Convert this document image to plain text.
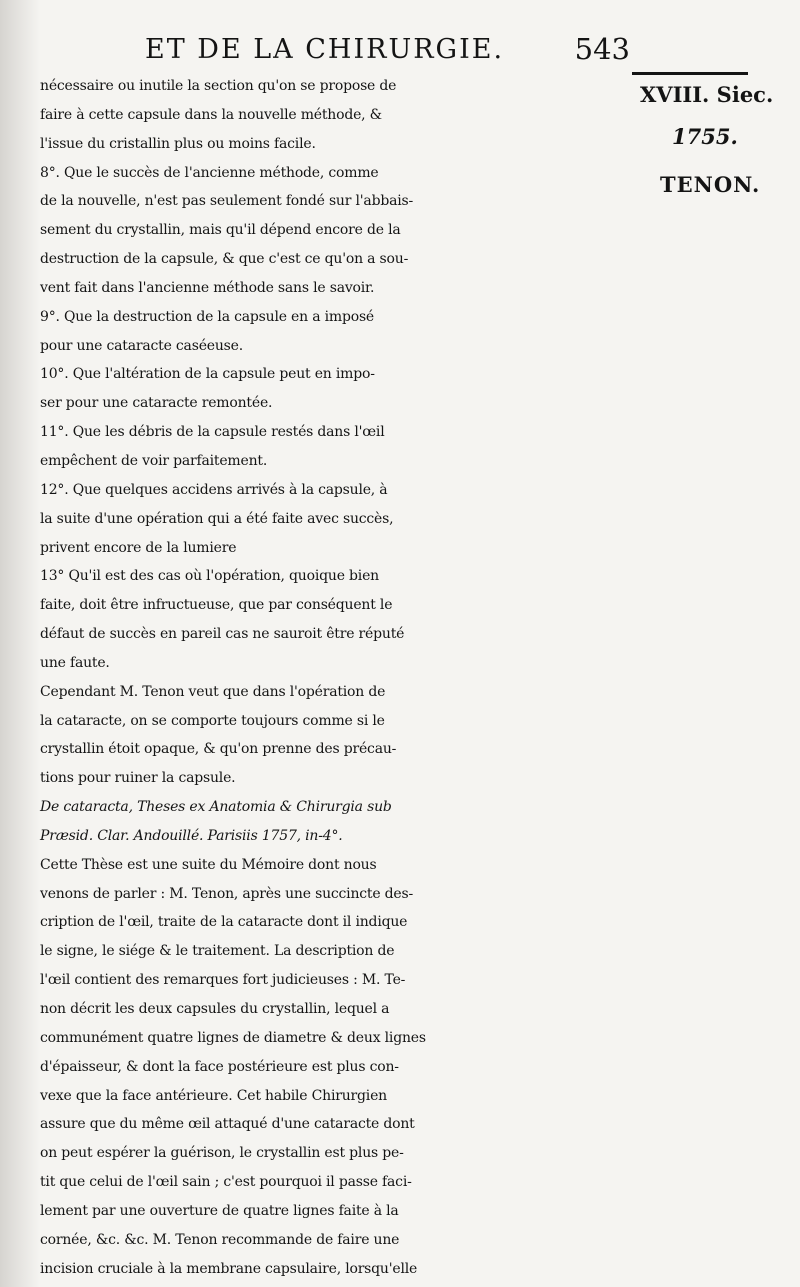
ET DE LA CHIRURGIE. 543
XVIII. Siec.
1755.
TENON.
nécessaire ou inutile la section qu'on se propose de
faire à cette capsule dans la nouvelle méthode, &
l'issue du cristallin plus ou moins facile.
8°. Que le succès de l'ancienne méthode, comme
de la nouvelle, n'est pas seulement fondé sur l'abbais-
sement du crystallin, mais qu'il dépend encore de la
destruction de la capsule, & que c'est ce qu'on a sou-
vent fait dans l'ancienne méthode sans le savoir.
9°. Que la destruction de la capsule en a imposé
pour une cataracte caséeuse.
10°. Que l'altération de la capsule peut en impo-
ser pour une cataracte remontée.
11°. Que les débris de la capsule restés dans l'œil
empêchent de voir parfaitement.
12°. Que quelques accidens arrivés à la capsule, à
la suite d'une opération qui a été faite avec succès,
privent encore de la lumiere
13° Qu'il est des cas où l'opération, quoique bien
faite, doit être infructueuse, que par conséquent le
défaut de succès en pareil cas ne sauroit être réputé
une faute.
Cependant M. Tenon veut que dans l'opération de
la cataracte, on se comporte toujours comme si le
crystallin étoit opaque, & qu'on prenne des précau-
tions pour ruiner la capsule.
De cataracta, Theses ex Anatomia & Chirurgia sub
Præsid. Clar. Andouillé. Parisiis 1757, in-4°.
Cette Thèse est une suite du Mémoire dont nous
venons de parler : M. Tenon, après une succincte des-
cription de l'œil, traite de la cataracte dont il indique
le signe, le siége & le traitement. La description de
l'œil contient des remarques fort judicieuses : M. Te-
non décrit les deux capsules du crystallin, lequel a
communément quatre lignes de diametre & deux lignes
d'épaisseur, & dont la face postérieure est plus con-
vexe que la face antérieure. Cet habile Chirurgien
assure que du même œil attaqué d'une cataracte dont
on peut espérer la guérison, le crystallin est plus pe-
tit que celui de l'œil sain ; c'est pourquoi il passe faci-
lement par une ouverture de quatre lignes faite à la
cornée, &c. &c. M. Tenon recommande de faire une
incision cruciale à la membrane capsulaire, lorsqu'elle
